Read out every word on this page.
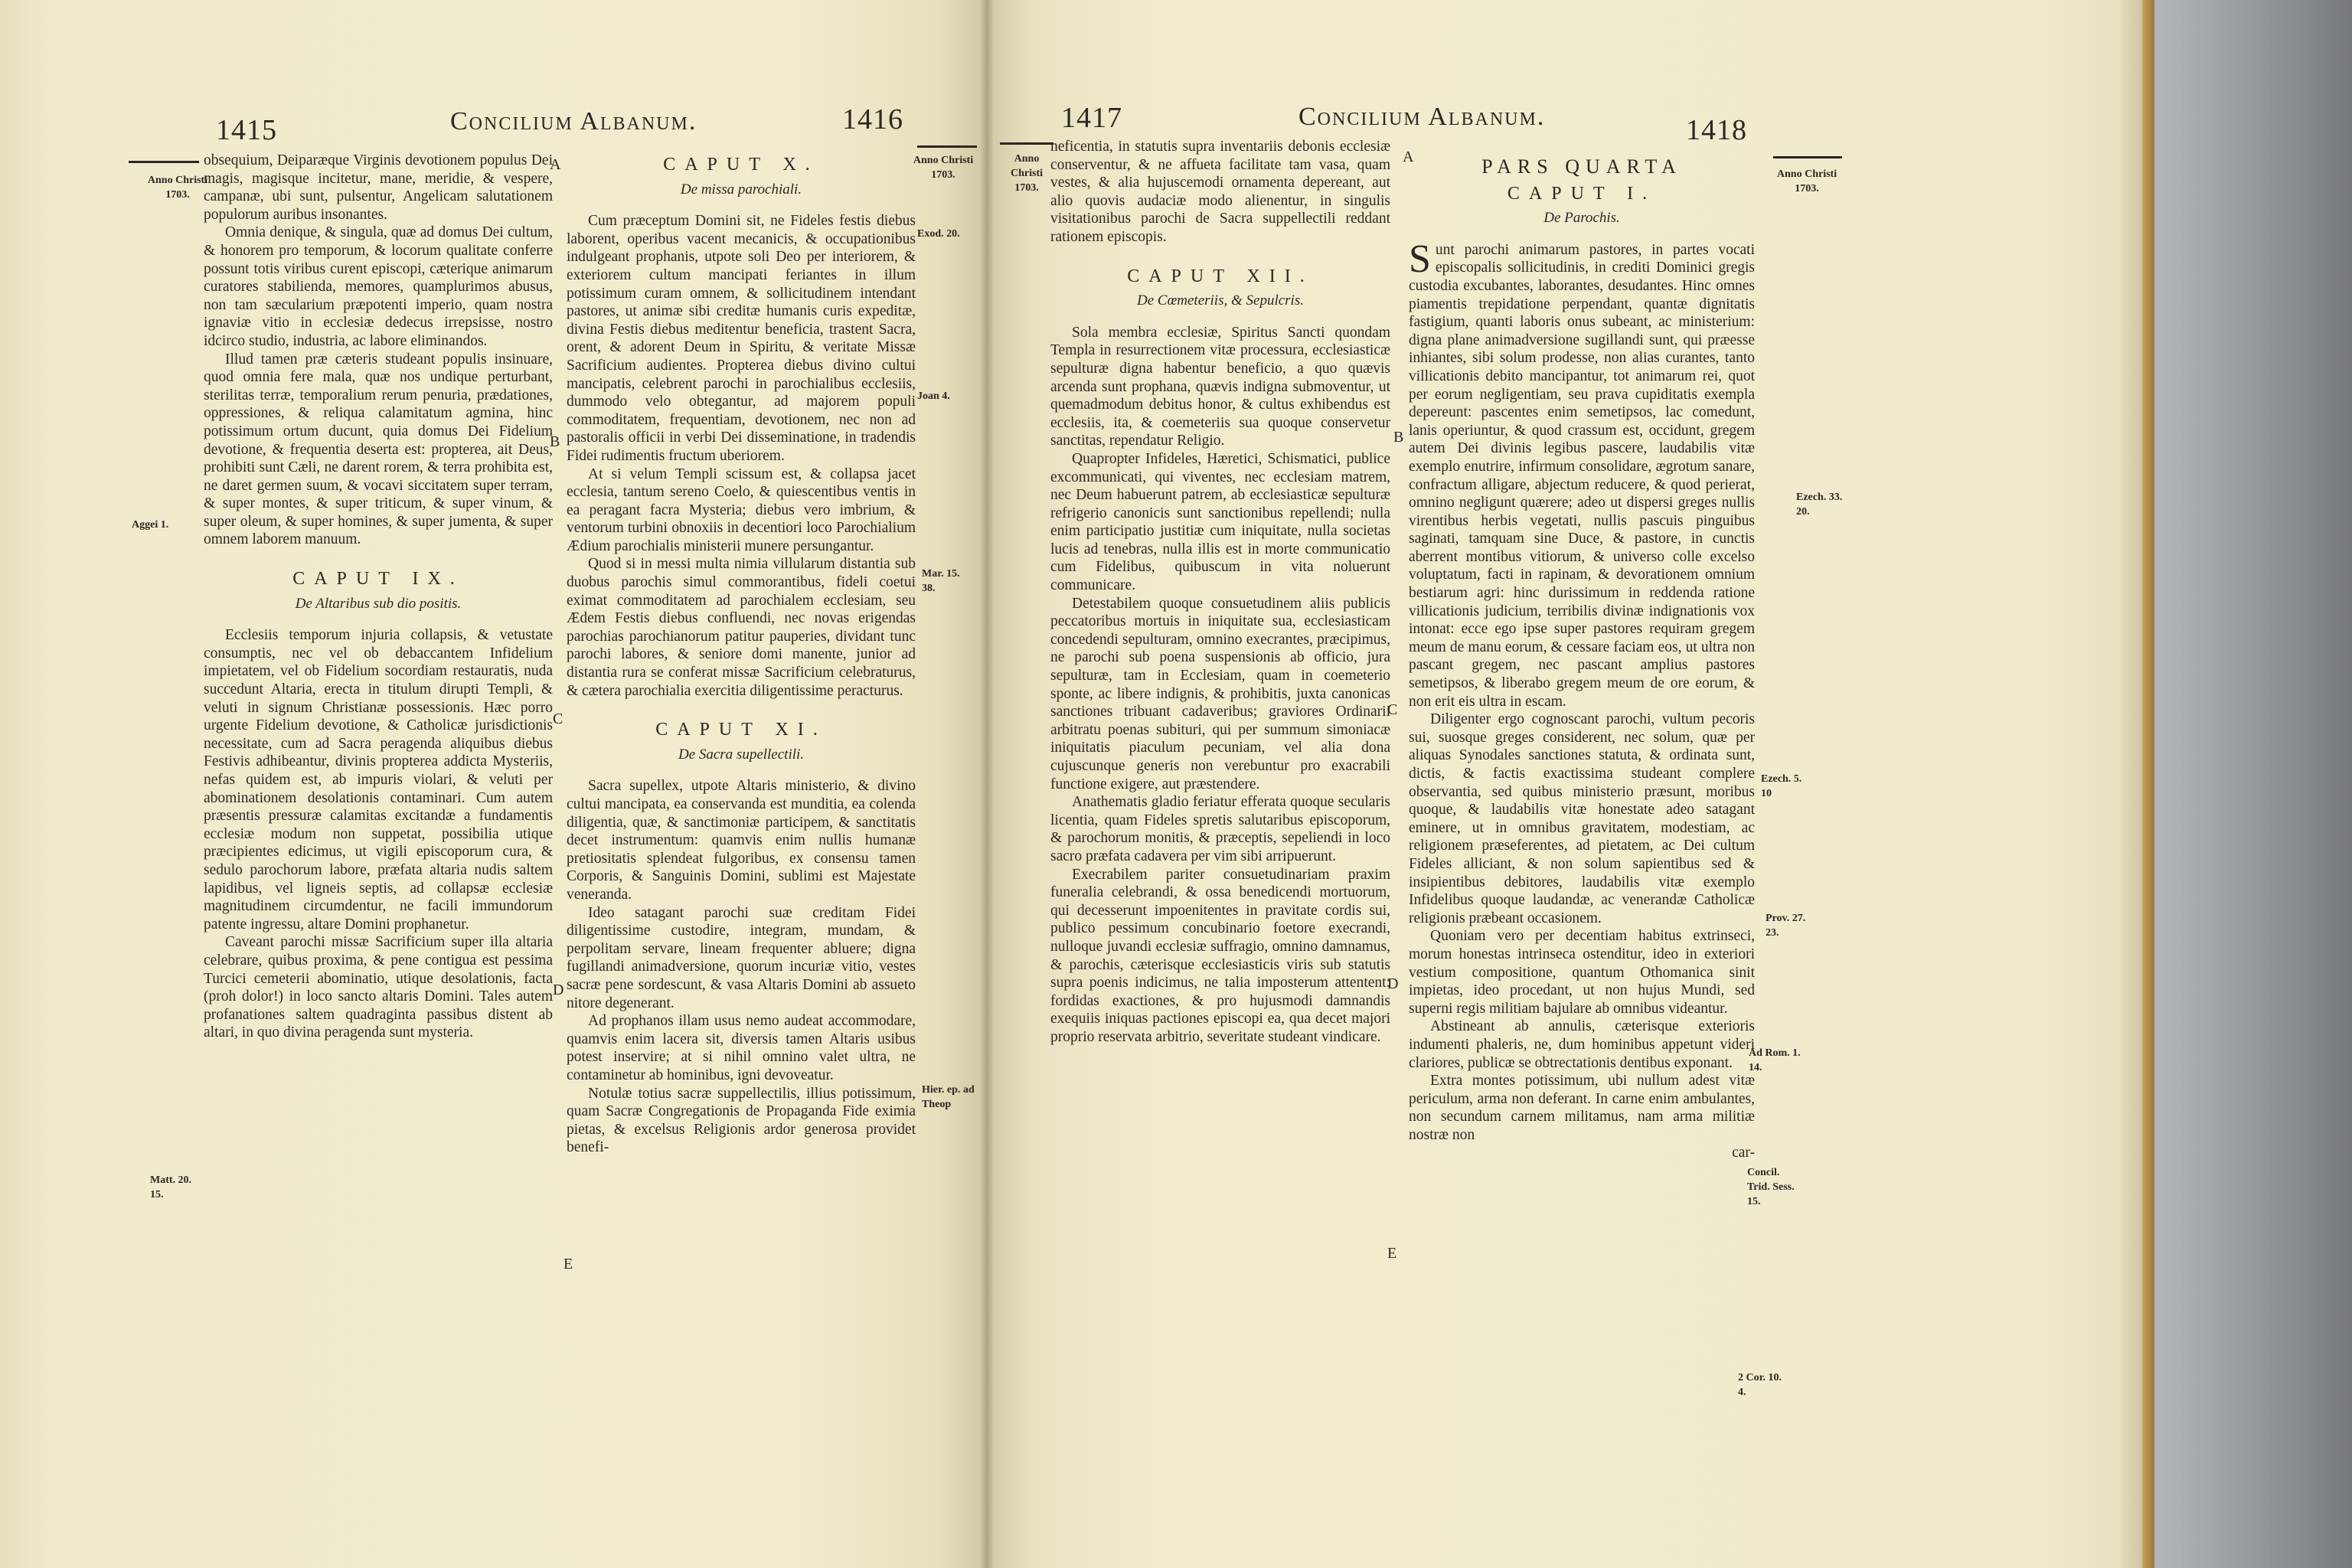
1415	Concilium Albanum.	1416
Anno Christi 1703.
Anno Christi 1703.
Exod. 20.
Joan 4.
Aggei 1.
Mar. 15. 38.
Matt. 20. 15.
Hier. ep. ad Theop
A
B
C
D
E

obsequium, Deiparæque Virginis devotionem populus Dei magis, magisque incitetur, mane, meridie, & vespere, campanæ, ubi sunt, pulsentur, Angelicam salutationem populorum auribus insonantes.

Omnia denique, & singula, quæ ad domus Dei cultum, & honorem pro temporum, & locorum qualitate conferre possunt totis viribus curent episcopi, cæterique animarum curatores stabilienda, memores, quamplurimos abusus, non tam sæcularium præpotenti imperio, quam nostra ignaviæ vitio in ecclesiæ dedecus irrepsisse, nostro idcirco studio, industria, ac labore eliminandos.

Illud tamen præ cæteris studeant populis insinuare, quod omnia fere mala, quæ nos undique perturbant, sterilitas terræ, temporalium rerum penuria, prædationes, oppressiones, & reliqua calamitatum agmina, hinc potissimum ortum ducunt, quia domus Dei Fidelium devotione, & frequentia deserta est: propterea, ait Deus, prohibiti sunt Cæli, ne darent rorem, & terra prohibita est, ne daret germen suum, & vocavi siccitatem super terram, & super montes, & super triticum, & super vinum, & super oleum, & super homines, & super jumenta, & super omnem laborem manuum.

CAPUT IX.
De Altaribus sub dio positis.

Ecclesiis temporum injuria collapsis, & vetustate consumptis, nec vel ob debaccantem Infidelium impietatem, vel ob Fidelium socordiam restauratis, nuda succedunt Altaria, erecta in titulum dirupti Templi, & veluti in signum Christianæ possessionis. Hæc porro urgente Fidelium devotione, & Catholicæ jurisdictionis necessitate, cum ad Sacra peragenda aliquibus diebus Festivis adhibeantur, divinis propterea addicta Mysteriis, nefas quidem est, ab impuris violari, & veluti per abominationem desolationis contaminari. Cum autem præsentis pressuræ calamitas excitandæ a fundamentis ecclesiæ modum non suppetat, possibilia utique præcipientes edicimus, ut vigili episcoporum cura, & sedulo parochorum labore, præfata altaria nudis saltem lapidibus, vel ligneis septis, ad collapsæ ecclesiæ magnitudinem circumdentur, ne facili immundorum patente ingressu, altare Domini prophanetur.

Caveant parochi missæ Sacrificium super illa altaria celebrare, quibus proxima, & pene contigua est pessima Turcici cemeterii abominatio, utique desolationis, facta (proh dolor!) in loco sancto altaris Domini. Tales autem profanationes saltem quadraginta passibus distent ab altari, in quo divina peragenda sunt mysteria.

CAPUT X.
De missa parochiali.

Cum præceptum Domini sit, ne Fideles festis diebus laborent, operibus vacent mecanicis, & occupationibus indulgeant prophanis, utpote soli Deo per interiorem, & exteriorem cultum mancipati feriantes in illum potissimum curam omnem, & sollicitudinem intendant pastores, ut animæ sibi creditæ humanis curis expeditæ, divina Festis diebus meditentur beneficia, trastent Sacra, orent, & adorent Deum in Spiritu, & veritate Missæ Sacrificium audientes. Propterea diebus divino cultui mancipatis, celebrent parochi in parochialibus ecclesiis, dummodo velo obtegantur, ad majorem populi commoditatem, frequentiam, devotionem, nec non ad pastoralis officii in verbi Dei disseminatione, in tradendis Fidei rudimentis fructum uberiorem.

At si velum Templi scissum est, & collapsa jacet ecclesia, tantum sereno Coelo, & quiescentibus ventis in ea peragant facra Mysteria; diebus vero imbrium, & ventorum turbini obnoxiis in decentiori loco Parochialium Ædium parochialis ministerii munere persungantur.

Quod si in messi multa nimia villularum distantia sub duobus parochis simul commorantibus, fideli coetui eximat commoditatem ad parochialem ecclesiam, seu Ædem Festis diebus confluendi, nec novas erigendas parochias parochianorum patitur pauperies, dividant tunc parochi labores, & seniore domi manente, junior ad distantia rura se conferat missæ Sacrificium celebraturus, & cætera parochialia exercitia diligentissime peracturus.

CAPUT XI.
De Sacra supellectili.

Sacra supellex, utpote Altaris ministerio, & divino cultui mancipata, ea conservanda est munditia, ea colenda diligentia, quæ, & sanctimoniæ participem, & sanctitatis decet instrumentum: quamvis enim nullis humanæ pretiositatis splendeat fulgoribus, ex consensu tamen Corporis, & Sanguinis Domini, sublimi est Majestate veneranda.

Ideo satagant parochi suæ creditam Fidei diligentissime custodire, integram, mundam, & perpolitam servare, lineam frequenter abluere; digna fugillandi animadversione, quorum incuriæ vitio, vestes sacræ pene sordescunt, & vasa Altaris Domini ab assueto nitore degenerant.

Ad prophanos illam usus nemo audeat accommodare, quamvis enim lacera sit, diversis tamen Altaris usibus potest inservire; at si nihil omnino valet ultra, ne contaminetur ab hominibus, igni devoveatur.

Notulæ totius sacræ suppellectilis, illius potissimum, quam Sacræ Congregationis de Propaganda Fide eximia pietas, & excelsus Religionis ardor generosa providet benefi-

1417	Concilium Albanum.	1418
Anno Christi 1703.
Anno Christi 1703.
Ezech. 33. 20.
Ezech. 5. 10
Prov. 27. 23.
Ad Rom. 1. 14.
Concil. Trid. Sess. 15.
2 Cor. 10. 4.
A
B
C
D
E

neficentia, in statutis supra inventariis debonis ecclesiæ conserventur, & ne affueta facilitate tam vasa, quam vestes, & alia hujuscemodi ornamenta depereant, aut alio quovis audaciæ modo alienentur, in singulis visitationibus parochi de Sacra suppellectili reddant rationem episcopis.

CAPUT XII.
De Cœmeteriis, & Sepulcris.

Sola membra ecclesiæ, Spiritus Sancti quondam Templa in resurrectionem vitæ processura, ecclesiasticæ sepulturæ digna habentur beneficio, a quo quævis arcenda sunt prophana, quævis indigna submoventur, ut quemadmodum debitus honor, & cultus exhibendus est ecclesiis, ita, & coemeteriis sua quoque conservetur sanctitas, rependatur Religio.

Quapropter Infideles, Hæretici, Schismatici, publice excommunicati, qui viventes, nec ecclesiam matrem, nec Deum habuerunt patrem, ab ecclesiasticæ sepulturæ refrigerio canonicis sunt sanctionibus repellendi; nulla enim participatio justitiæ cum iniquitate, nulla societas lucis ad tenebras, nulla illis est in morte communicatio cum Fidelibus, quibuscum in vita noluerunt communicare.

Detestabilem quoque consuetudinem aliis publicis peccatoribus mortuis in iniquitate sua, ecclesiasticam concedendi sepulturam, omnino execrantes, præcipimus, ne parochi sub poena suspensionis ab officio, jura sepulturæ, tam in Ecclesiam, quam in coemeterio sponte, ac libere indignis, & prohibitis, juxta canonicas sanctiones tribuant cadaveribus; graviores Ordinarii arbitratu poenas subituri, qui per summum simoniacæ iniquitatis piaculum pecuniam, vel alia dona cujuscunque generis non verebuntur pro exacrabili functione exigere, aut præstendere.

Anathematis gladio feriatur efferata quoque secularis licentia, quam Fideles spretis salutaribus episcoporum, & parochorum monitis, & præceptis, sepeliendi in loco sacro præfata cadavera per vim sibi arripuerunt.

Execrabilem pariter consuetudinariam praxim funeralia celebrandi, & ossa benedicendi mortuorum, qui decesserunt impoenitentes in pravitate cordis sui, publico pessimum concubinario foetore execrandi, nulloque juvandi ecclesiæ suffragio, omnino damnamus, & parochis, cæterisque ecclesiasticis viris sub statutis supra poenis indicimus, ne talia imposterum attentent: fordidas exactiones, & pro hujusmodi damnandis exequiis iniquas pactiones episcopi ea, qua decet majori proprio reservata arbitrio, severitate studeant vindicare.

PARS QUARTA
CAPUT I.
De Parochis.

Sunt parochi animarum pastores, in partes vocati episcopalis sollicitudinis, in crediti Dominici gregis custodia excubantes, laborantes, desudantes. Hinc omnes piamentis trepidatione perpendant, quantæ dignitatis fastigium, quanti laboris onus subeant, ac ministerium: digna plane animadversione sugillandi sunt, qui præesse inhiantes, sibi solum prodesse, non alias curantes, tanto villicationis debito mancipantur, tot animarum rei, quot per eorum negligentiam, seu prava cupiditatis exempla depereunt: pascentes enim semetipsos, lac comedunt, lanis operiuntur, & quod crassum est, occidunt, gregem autem Dei divinis legibus pascere, laudabilis vitæ exemplo enutrire, infirmum consolidare, ægrotum sanare, confractum alligare, abjectum reducere, & quod perierat, omnino negligunt quærere; adeo ut dispersi greges nullis virentibus herbis vegetati, nullis pascuis pinguibus saginati, tamquam sine Duce, & pastore, in cunctis aberrent montibus vitiorum, & universo colle excelso voluptatum, facti in rapinam, & devorationem omnium bestiarum agri: hinc durissimum in reddenda ratione villicationis judicium, terribilis divinæ indignationis vox intonat: ecce ego ipse super pastores requiram gregem meum de manu eorum, & cessare faciam eos, ut ultra non pascant gregem, nec pascant amplius pastores semetipsos, & liberabo gregem meum de ore eorum, & non erit eis ultra in escam.

Diligenter ergo cognoscant parochi, vultum pecoris sui, suosque greges considerent, nec solum, quæ per aliquas Synodales sanctiones statuta, & ordinata sunt, dictis, & factis exactissima studeant complere observantia, sed quibus ministerio præsunt, moribus quoque, & laudabilis vitæ honestate adeo satagant eminere, ut in omnibus gravitatem, modestiam, ac religionem præseferentes, ad pietatem, ac Dei cultum Fideles alliciant, & non solum sapientibus sed & insipientibus debitores, laudabilis vitæ exemplo Infidelibus quoque laudandæ, ac venerandæ Catholicæ religionis præbeant occasionem.

Quoniam vero per decentiam habitus extrinseci, morum honestas intrinseca ostenditur, ideo in exteriori vestium compositione, quantum Othomanica sinit impietas, ideo procedant, ut non hujus Mundi, sed superni regis militiam bajulare ab omnibus videantur.

Abstineant ab annulis, cæterisque exterioris indumenti phaleris, ne, dum hominibus appetunt videri clariores, publicæ se obtrectationis dentibus exponant.

Extra montes potissimum, ubi nullum adest vitæ periculum, arma non deferant. In carne enim ambulantes, non secundum carnem militamus, nam arma militiæ nostræ non

car-
